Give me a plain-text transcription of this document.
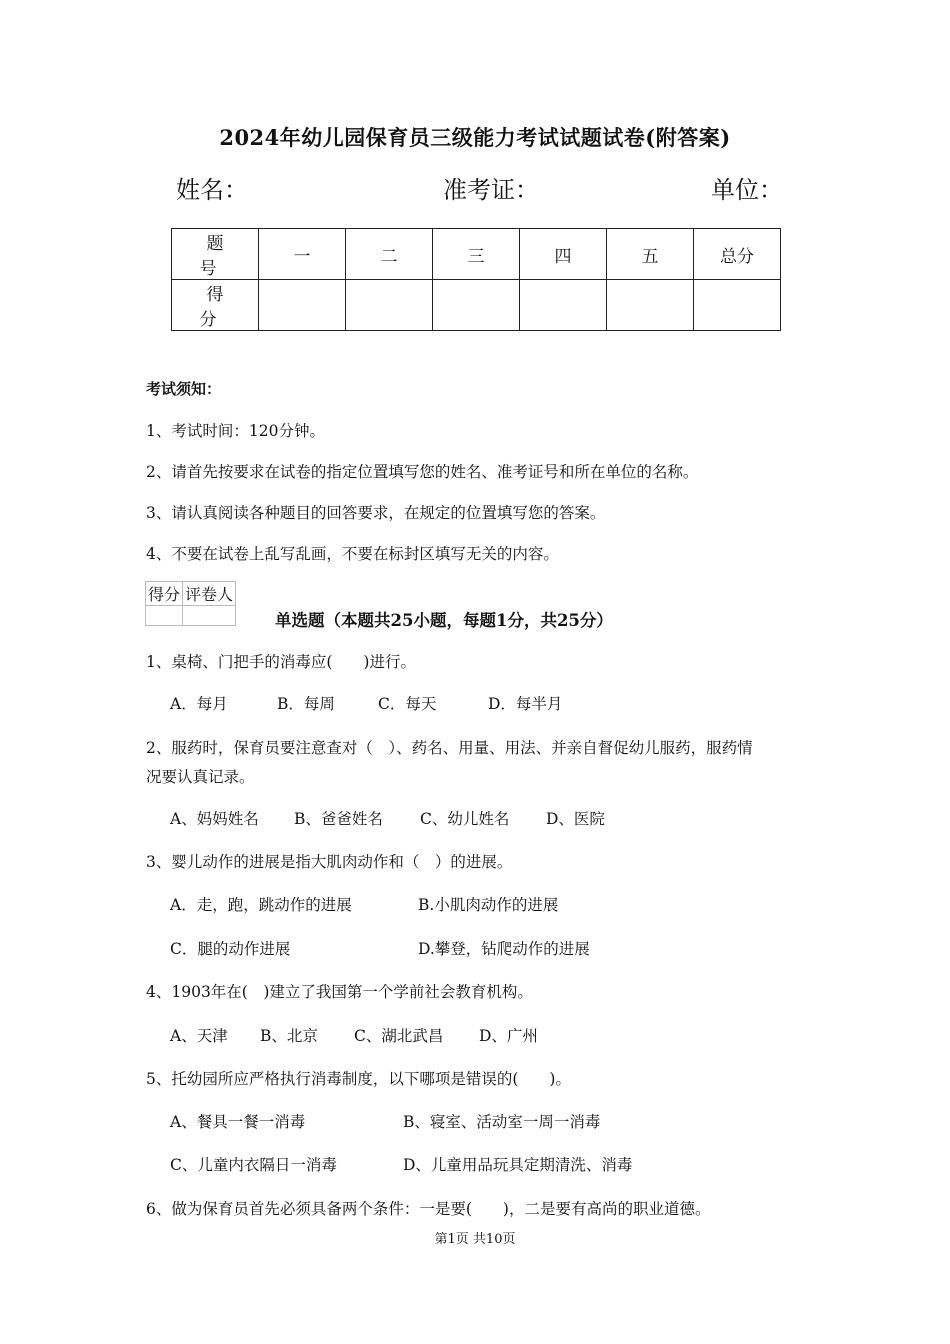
2024年幼儿园保育员三级能力考试试题试卷(附答案)
姓名：	准考证：	单位：
题　号	一	二	三	四	五	总分
得　分						
考试须知：
1、考试时间：120分钟。
2、请首先按要求在试卷的指定位置填写您的姓名、准考证号和所在单位的名称。
3、请认真阅读各种题目的回答要求，在规定的位置填写您的答案。
4、不要在试卷上乱写乱画，不要在标封区填写无关的内容。
得分	评卷人

单选题（本题共25小题，每题1分，共25分）
1、桌椅、门把手的消毒应(　　)进行。
A．每月	B．每周	C．每天	D．每半月
2、服药时，保育员要注意查对（　）、药名、用量、用法、并亲自督促幼儿服药，服药情
况要认真记录。
A、妈妈姓名 B、爸爸姓名 C、幼儿姓名 D、医院
3、婴儿动作的进展是指大肌肉动作和（　）的进展。
A．走，跑，跳动作的进展	B.小肌肉动作的进展
C．腿的动作进展	D.攀登，钻爬动作的进展
4、1903年在(　)建立了我国第一个学前社会教育机构。
A、天津 B、北京 C、湖北武昌 D、广州
5、托幼园所应严格执行消毒制度，以下哪项是错误的(　　)。
A、餐具一餐一消毒	B、寝室、活动室一周一消毒
C、儿童内衣隔日一消毒	D、儿童用品玩具定期清洗、消毒
6、做为保育员首先必须具备两个条件：一是要(　　)，二是要有高尚的职业道德。
第1页 共10页
